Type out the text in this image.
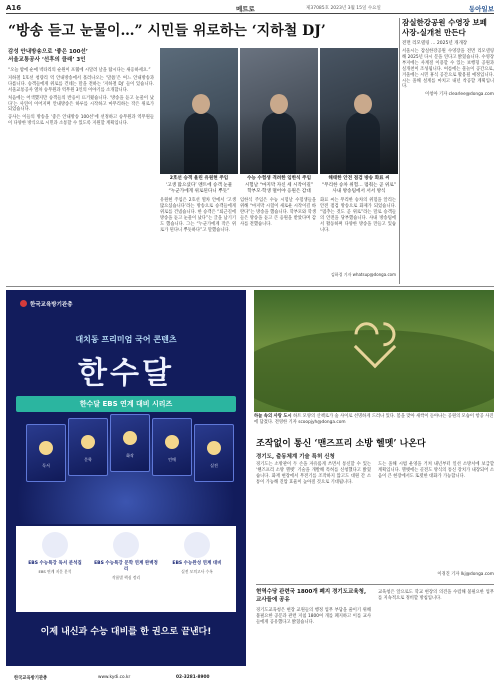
A16	메트로	제37085호 2023년 3월 15일 수요일	동아일보
“방송 듣고 눈물이…” 시민들 위로하는 ‘지하철 DJ’
감성 안내방송으로 ‘좋은 100선’
서울교통공사 ‘선후의 클래’ 3인

“오늘 밤에 순애 넥타리의 순원이 포웹에 시달려 날을 탐시다는 새옹하세요.”

지하철 1호선 청량리 역 안내방송에서 흘러나오는 ‘말씀’은 여느 안내방송과 다릅니다. 승객들에게 위로를 건네는 말을 전하는 ‘지하철 DJ’ 들이 있습니다. 서울교통공사 열차 승무원과 역무원 3인의 이야기를 소개합니다.

처음에는 어색했지만 승객들의 반응이 뜨거웠습니다. ‘방송을 듣고 눈물이 났다’는 사연이 이어지며 안내방송은 하루를 시작하고 마무리하는 작은 위로가 되었습니다.

공사는 이들의 방송을 ‘좋은 안내방송 100선’에 선정하고 승무원과 역무원들이 다양한 방식으로 시민과 소통할 수 있도록 지원할 계획입니다.

2호선 승객 울린 유원현 주임
‘고생 많으셨다’ 멘트에 승객 눈물
“누군가에게 위로된다니 뿌듯”
수능 수험생 격려한 임한식 주임
시험날 “마지막 자신 세 시작이길”
학부모·학생 떨어야 응원은 감대
해태한 안전 점검 방송 화료 씨
“무리한 승차 위험… 멈춰는 곧 위로”
사내 방송팀에서 서서 방식
유원현 주임은 2호선 열차 안에서 ‘고생 많으셨습니다’라는 방송으로 승객들에게 위로를 건넸습니다. 한 승객은 “퇴근길에 방송을 듣고 눈물이 났다”는 글을 남기기도 했습니다. 그는 “누군가에게 작은 위로가 된다니 뿌듯하다”고 말했습니다.
임한식 주임은 수능 시험날 수험생들을 위해 “마지막 시험이 새로운 시작이길 바란다”는 방송을 했습니다. 학부모와 학생들은 방송을 듣고 큰 응원을 받았다며 감사를 전했습니다.
화료 씨는 무리한 승차의 위험을 알리는 안전 점검 방송으로 화제가 되었습니다. “멈추는 것도 곧 위로”라는 말로 승객들의 안전을 당부했습니다. 사내 방송팀에서 활동하며 다양한 방송을 만들고 있습니다.
김하경 기자 whatsup@donga.com
잠실한강공원 수영장 보페사장-실개천 만든다
전면 리모델링 … 2025년 개개장

서울시는 잠실한강공원 수영장을 전면 리모델링해 2025년 다시 문을 연다고 밝혔습니다. 수영장 부지에는 사계절 이용할 수 있는 보행형 공원과 실개천이 조성됩니다. 여름에는 물놀이 공간으로, 겨울에는 시민 휴식 공간으로 활용될 예정입니다. 시는 올해 설계를 마치고 내년 착공할 계획입니다.

이청아 기자 clearlee@donga.com

한국교육방기관총
대치동 프리미엄 국어 콘텐츠
한수달
한수달 EBS 연계 대비 시리즈
독서
문학
화작
언매
실전
EBS 수능특강 독서 분석집
EBS 연계 지문 분석
EBS 수능특강 문학 연계 완벽정리
작품별 핵심 정리
EBS 수능완성 연계 대비
실전 모의고사 수록
이제 내신과 수능 대비를 한 권으로 끝낸다!
한국교육방기관총	www.kydi.co.kr	02-3281-8900
하늘 속의 사랑 도시 하트 모양의 산책로가 숲 사이로 선명하게 드러나 있다. 봄을 맞아 새싹이 돋아나는 공원의 모습이 항공 사진에 담겼다. 전영한 기자 scoopjyh@donga.com
조작없이 통신 ‘맨즈프리 소방 헬멧’ 나온다
경기도, 출동체계 기술 특허 신청
경기도는 소방관이 두 손을 자유롭게 쓰면서 통신할 수 있는 ‘핸즈프리 소방 헬멧’ 기술을 개발해 특허를 신청했다고 밝혔습니다. 화재 현장에서 무전기를 조작하지 않고도 대원 간 소통이 가능해 진압 효율이 높아질 것으로 기대됩니다.
도는 올해 시범 운영을 거쳐 내년부터 일선 소방서에 보급할 계획입니다. 헬멧에는 골전도 방식의 통신 장치가 내장되어 소음이 큰 현장에서도 또렷한 대화가 가능합니다.
이경진 기자 lkj@donga.com
현역수당 관련국 1800개 폐지 경기도교육청, 교사들에 공유
경기도교육청은 현장 교원들의 행정 업무 부담을 줄이기 위해 불필요한 공문과 관련 지침 1800여 개를 폐지하고 이를 교사들에게 공유했다고 밝혔습니다.
교육청은 앞으로도 학교 현장의 의견을 수렴해 불필요한 업무를 지속적으로 정비할 방침입니다.
